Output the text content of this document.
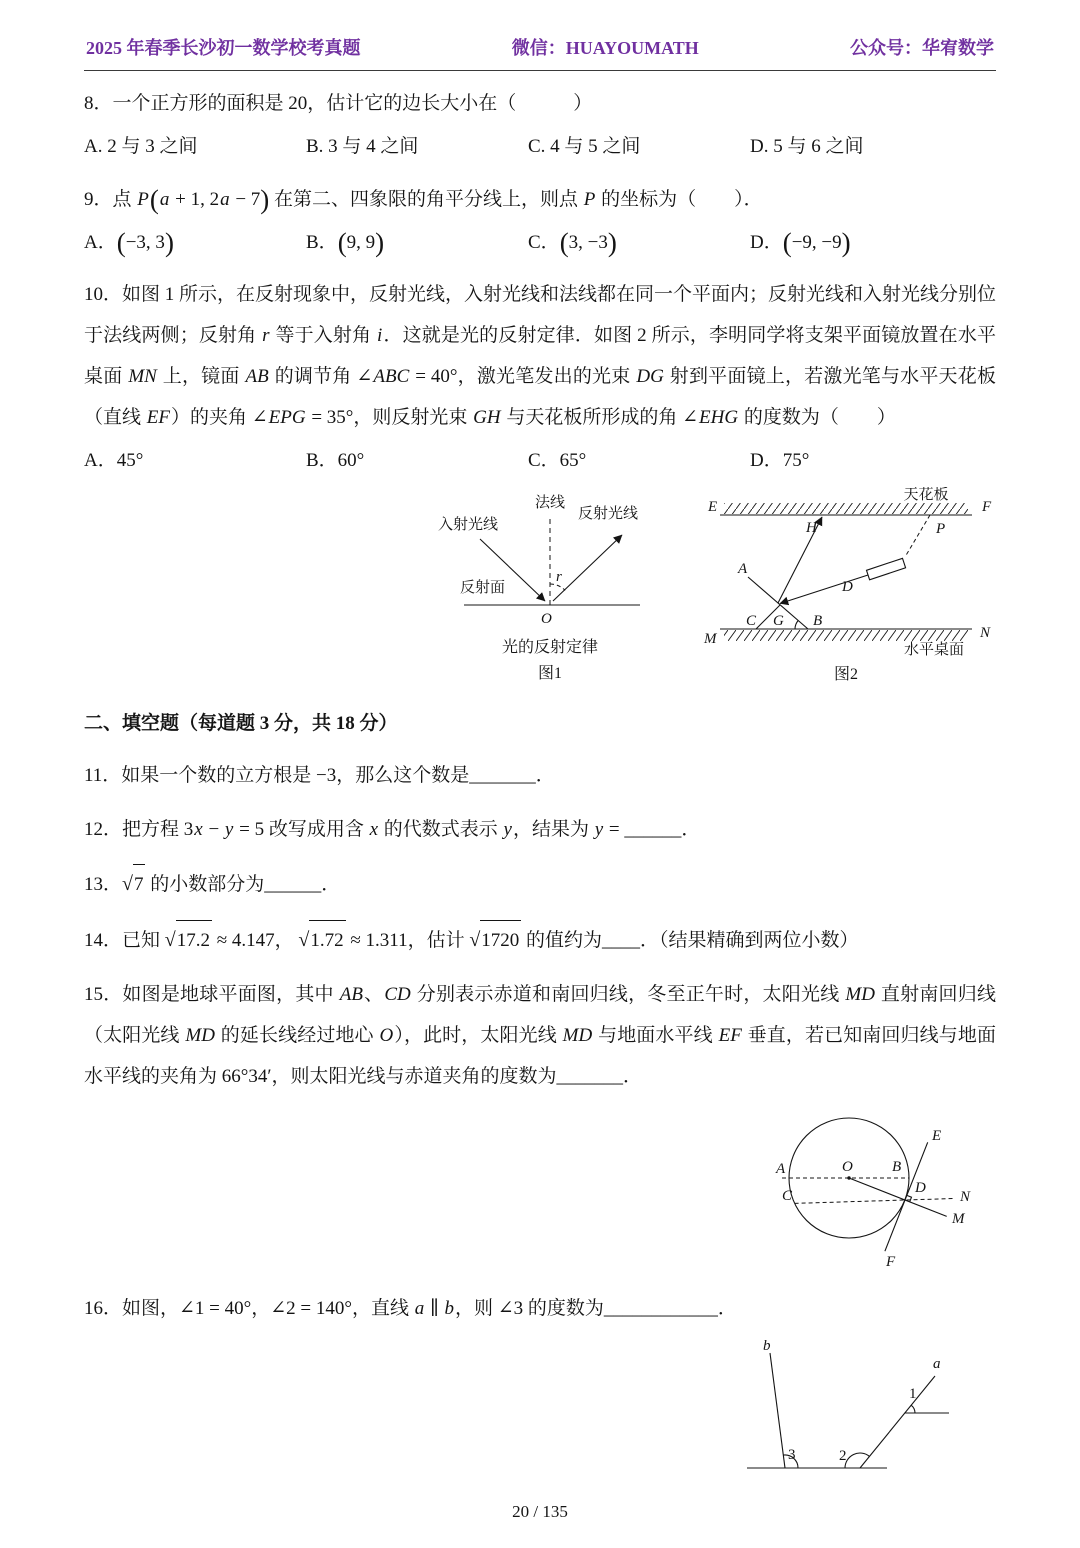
2025 年春季长沙初一数学校考真题	微信：HUAYOUMATH	公众号：华宥数学

8．一个正方形的面积是 20，估计它的边长大小在（　　　）

A. 2 与 3 之间	B. 3 与 4 之间	C. 4 与 5 之间	D. 5 与 6 之间

9．点 P(a + 1, 2a − 7) 在第二、四象限的角平分线上，则点 P 的坐标为（　　）．

A．(−3, 3)	B．(9, 9)	C．(3, −3)	D．(−9, −9)

10．如图 1 所示，在反射现象中，反射光线，入射光线和法线都在同一个平面内；反射光线和入射光线分别位于法线两侧；反射角 r 等于入射角 i．这就是光的反射定律．如图 2 所示，李明同学将支架平面镜放置在水平桌面 MN 上，镜面 AB 的调节角 ∠ABC = 40°，激光笔发出的光束 DG 射到平面镜上，若激光笔与水平天花板（直线 EF）的夹角 ∠EPG = 35°，则反射光束 GH 与天花板所形成的角 ∠EHG 的度数为（　　）

A．45°	B．60°	C．65°	D．75°
法线
入射光线
反射光线
反射面
r
O
光的反射定律
图1
E	F
天花板
H	P
A
D
C G B
M	N
水平桌面
图2
二、填空题（每道题 3 分，共 18 分）

11．如果一个数的立方根是 −3，那么这个数是_______．

12．把方程 3x − y = 5 改写成用含 x 的代数式表示 y，结果为 y = ______．

13．√7 的小数部分为______．

14．已知 √17.2 ≈ 4.147， √1.72 ≈ 1.311，估计 √1720 的值约为____．（结果精确到两位小数）

15．如图是地球平面图，其中 AB、CD 分别表示赤道和南回归线，冬至正午时，太阳光线 MD 直射南回归线（太阳光线 MD 的延长线经过地心 O），此时，太阳光线 MD 与地面水平线 EF 垂直，若已知南回归线与地面水平线的夹角为 66°34′，则太阳光线与赤道夹角的度数为_______．

A	O	B
C	D
E
N
M
F

16．如图，∠1 = 40°，∠2 = 140°，直线 a ∥ b，则 ∠3 的度数为____________．

b
a
1
2
3
20 / 135
